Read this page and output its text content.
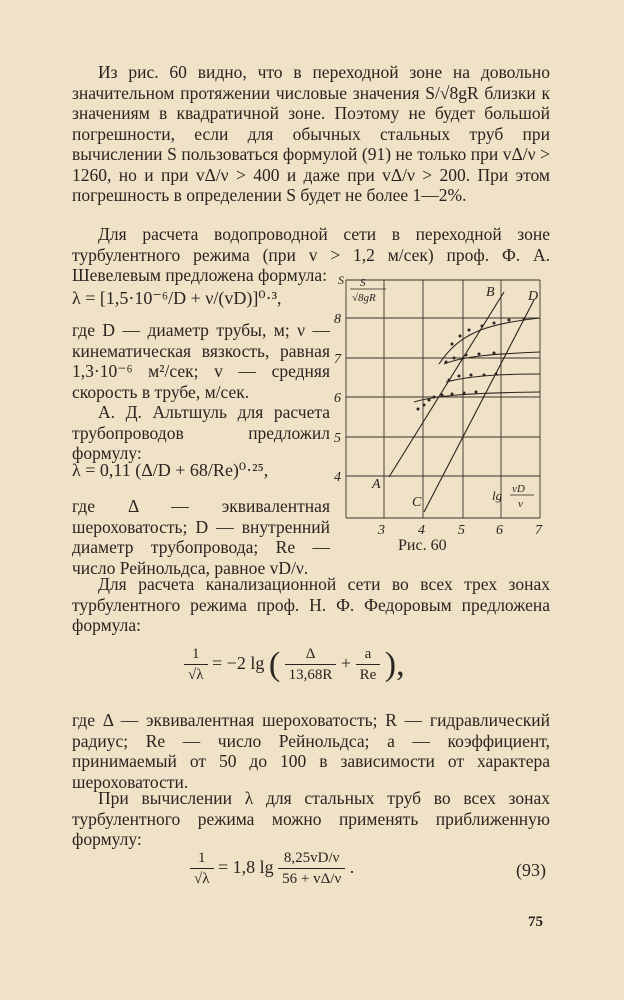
Из рис. 60 видно, что в переходной зоне на довольно значительном протяжении числовые значения S/√8gR близки к значениям в квадратичной зоне. Поэтому не будет большой погрешности, если для обычных стальных труб при вычислении S пользоваться формулой (91) не только при vΔ/ν > 1260, но и при vΔ/ν > 400 и даже при vΔ/ν > 200. При этом погрешность в определении S будет не более 1—2%.

Для расчета водопроводной сети в переходной зоне турбулентного режима (при v > 1,2 м/сек) проф. Ф. А. Шевелевым предложена формула:

λ = [1,5·10⁻⁶/D + ν/(vD)]⁰·³,

где D — диаметр трубы, м; ν — кинематическая вязкость, равная 1,3·10⁻⁶ м²/сек; v — средняя скорость в трубе, м/сек.

А. Д. Альтшуль для расчета трубопроводов предложил формулу:

λ = 0,11 (Δ/D + 68/Re)⁰·²⁵,

где Δ — эквивалентная шероховатость; D — внутренний диаметр трубопровода; Re — число Рейнольдса, равное vD/ν.

3 4 5 6 7
4
5
6
7
8
S S
√8gR
lg vD
ν
A
B
C
D
Рис. 60

Для расчета канализационной сети во всех трех зонах турбулентного режима проф. Н. Ф. Федоровым предложена формула:

$\frac{1}{√\lambda} = -2$ lg ( $\frac{\Delta}{13,68R} + \frac{a}{Re}$ ),

где Δ — эквивалентная шероховатость; R — гидравлический радиус; Re — число Рейнольдса; a — коэффициент, принимаемый от 50 до 100 в зависимости от характера шероховатости.

При вычислении λ для стальных труб во всех зонах турбулентного режима можно применять приближенную формулу:

$\frac{1}{√\lambda} = 1,8$ $\lg \frac{8,25vD/\nu}{56 + v\Delta/\nu}$ .	(93)
75
